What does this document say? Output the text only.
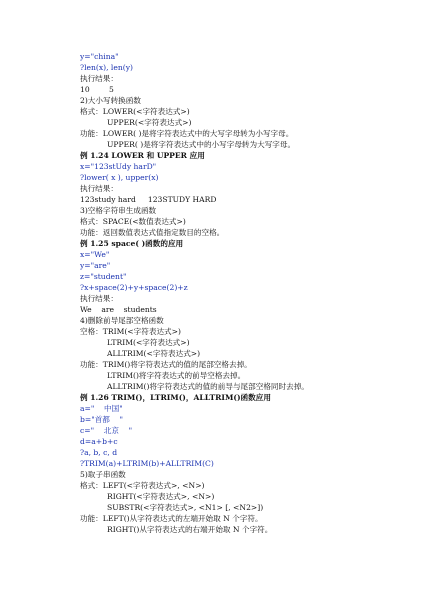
y="china"
?len(x), len(y)
执行结果：
10        5
2)大小写转换函数
格式：LOWER(<字符表达式>)
UPPER(<字符表达式>)
功能：LOWER( )是将字符表达式中的大写字母转为小写字母。
UPPER( )是将字符表达式中的小写字母转为大写字母。
例 1.24 LOWER 和 UPPER 应用
x="123stUdy harD"
?lower( x ), upper(x)
执行结果：
123study hard     123STUDY HARD
3)空格字符串生成函数
格式：SPACE(<数值表达式>)
功能：返回数值表达式值指定数目的空格。
例 1.25 space( )函数的应用
x="We"
y="are"
z="student"
?x+space(2)+y+space(2)+z
执行结果：
We    are    students
4)删除前导尾部空格函数
空格：TRIM(<字符表达式>)
LTRIM(<字符表达式>)
ALLTRIM(<字符表达式>)
功能：TRIM()将字符表达式的值的尾部空格去掉。
LTRIM()将字符表达式的前导空格去掉。
ALLTRIM()将字符表达式的值的前导与尾部空格同时去掉。
例 1.26 TRIM()，LTRIM()，ALLTRIM()函数应用
a="    中国"
b="首都    "
c="    北京    "
d=a+b+c
?a, b, c, d
?TRIM(a)+LTRIM(b)+ALLTRIM(C)
5)取子串函数
格式：LEFT(<字符表达式>, <N>)
RIGHT(<字符表达式>, <N>)
SUBSTR(<字符表达式>, <N1> [, <N2>])
功能：LEFT()从字符表达式的左端开始取 N 个字符。
RIGHT()从字符表达式的右端开始取 N 个字符。
